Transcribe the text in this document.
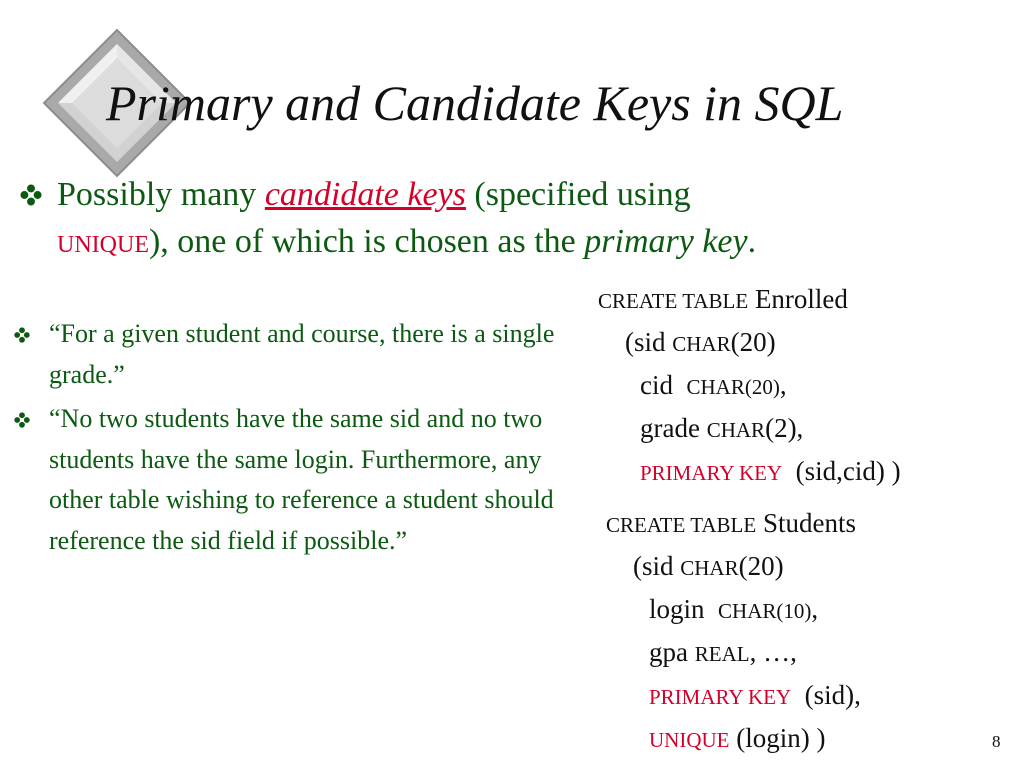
Primary and Candidate Keys in SQL
Possibly many candidate keys (specified using
UNIQUE), one of which is chosen as the primary key.
“For a given student and course, there is a single grade.”
“No two students have the same sid and no two students have the same login. Furthermore, any other table wishing to reference a student should reference the sid field if possible.”
CREATE TABLE Enrolled
(sid CHAR(20)
cid  CHAR(20),
grade CHAR(2),
PRIMARY KEY  (sid,cid) )
CREATE TABLE Students
(sid CHAR(20)
login  CHAR(10),
gpa REAL, …,
PRIMARY KEY  (sid),
UNIQUE (login) )	8
